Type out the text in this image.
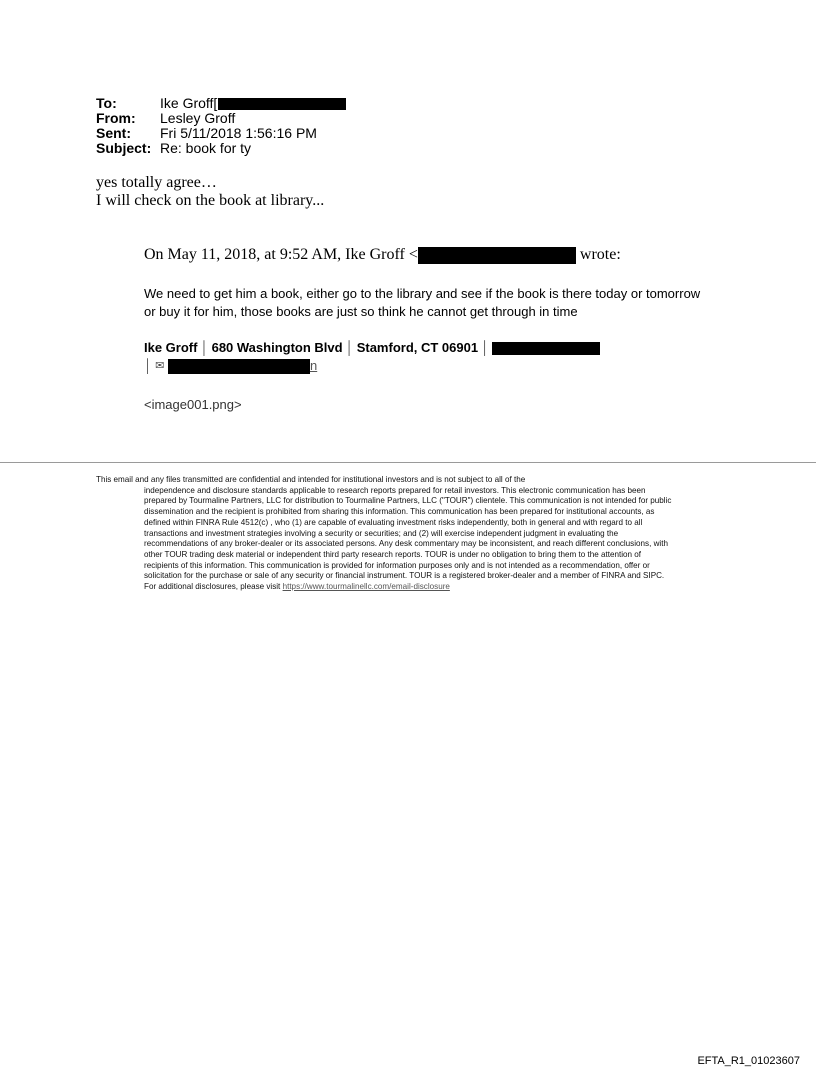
To:	Ike Groff[
From:	Lesley Groff
Sent:	Fri 5/11/2018 1:56:16 PM
Subject: Re: book for ty
yes totally agree…
I will check on the book at library...
On May 11, 2018, at 9:52 AM, Ike Groff <
	wrote:
We need to get him a book, either go to the library and see if the book is there today or tomorrow or buy it for him, those books are just so think he cannot get through in time
Ike Groff │ 680 Washington Blvd │ Stamford, CT 06901 │
│ ✉
	n
<image001.png>
This email and any files transmitted are confidential and intended for institutional investors and is not subject to all of the
independence and disclosure standards applicable to research reports prepared for retail investors. This electronic communication has been prepared by Tourmaline Partners, LLC for distribution to Tourmaline Partners, LLC ("TOUR") clientele. This communication is not intended for public dissemination and the recipient is prohibited from sharing this information. This communication has been prepared for institutional accounts, as defined within FINRA Rule 4512(c) , who (1) are capable of evaluating investment risks independently, both in general and with regard to all transactions and investment strategies involving a security or securities; and (2) will exercise independent judgment in evaluating the recommendations of any broker-dealer or its associated persons. Any desk commentary may be inconsistent, and reach different conclusions, with other TOUR trading desk material or independent third party research reports. TOUR is under no obligation to bring them to the attention of recipients of this information. This communication is provided for information purposes only and is not intended as a recommendation, offer or solicitation for the purchase or sale of any security or financial instrument. TOUR is a registered broker-dealer and a member of FINRA and SIPC. For additional disclosures, please visit https://www.tourmalinellc.com/email-disclosure
EFTA_R1_01023607
